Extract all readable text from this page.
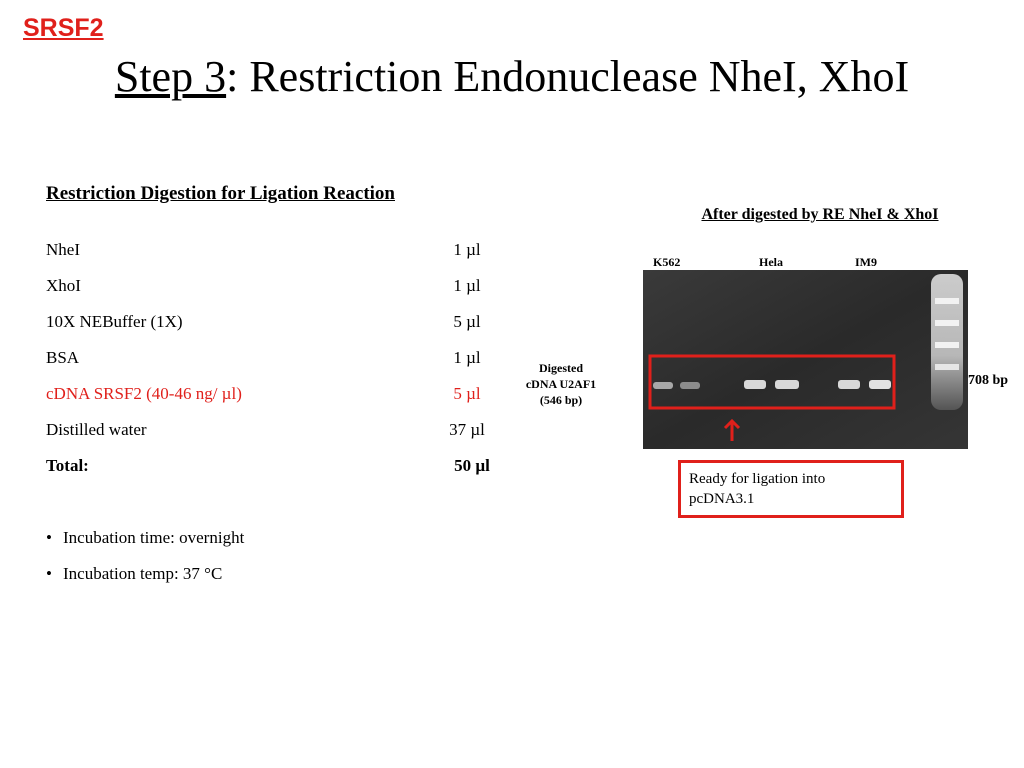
SRSF2
Step 3: Restriction Endonuclease NheI, XhoI
Restriction Digestion for Ligation Reaction
NheI	1 µl
XhoI	1 µl
10X NEBuffer (1X)	5 µl
BSA	1 µl
cDNA SRSF2 (40-46 ng/ µl)	5 µl
Distilled water	37 µl
Total:	50 µl
• Incubation time: overnight
• Incubation temp: 37 °C
After digested by RE NheI & XhoI
K562	Hela	IM9
Digested
cDNA U2AF1
(546 bp)
708 bp
Ready for ligation into
pcDNA3.1
